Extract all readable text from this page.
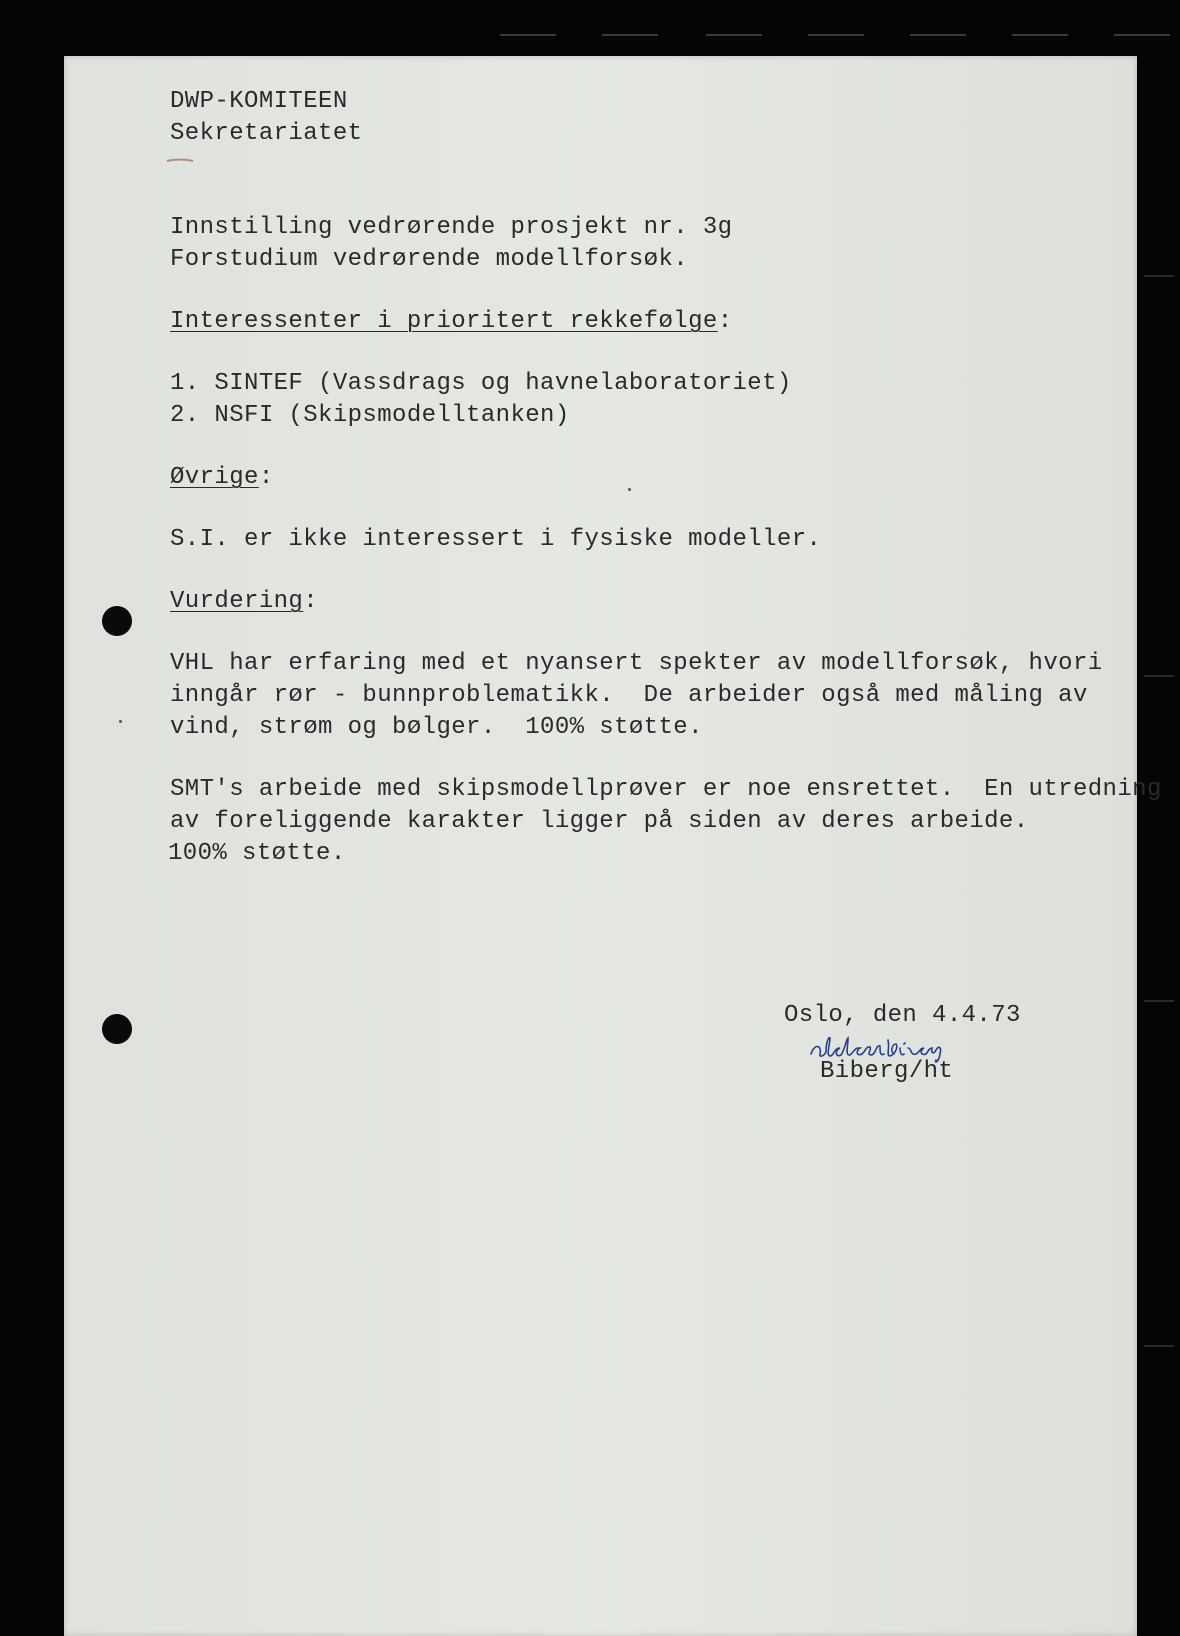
DWP-KOMITEEN
Sekretariatet
Innstilling vedrørende prosjekt nr. 3g
Forstudium vedrørende modellforsøk.
Interessenter i prioritert rekkefølge:
1. SINTEF (Vassdrags og havnelaboratoriet)
2. NSFI (Skipsmodelltanken)
Øvrige:
S.I. er ikke interessert i fysiske modeller.
Vurdering:
VHL har erfaring med et nyansert spekter av modellforsøk, hvori
inngår rør - bunnproblematikk.  De arbeider også med måling av
vind, strøm og bølger.  100% støtte.
SMT's arbeide med skipsmodellprøver er noe ensrettet.  En utredning
av foreliggende karakter ligger på siden av deres arbeide.
100% støtte.
Oslo, den 4.4.73
Biberg/ht
